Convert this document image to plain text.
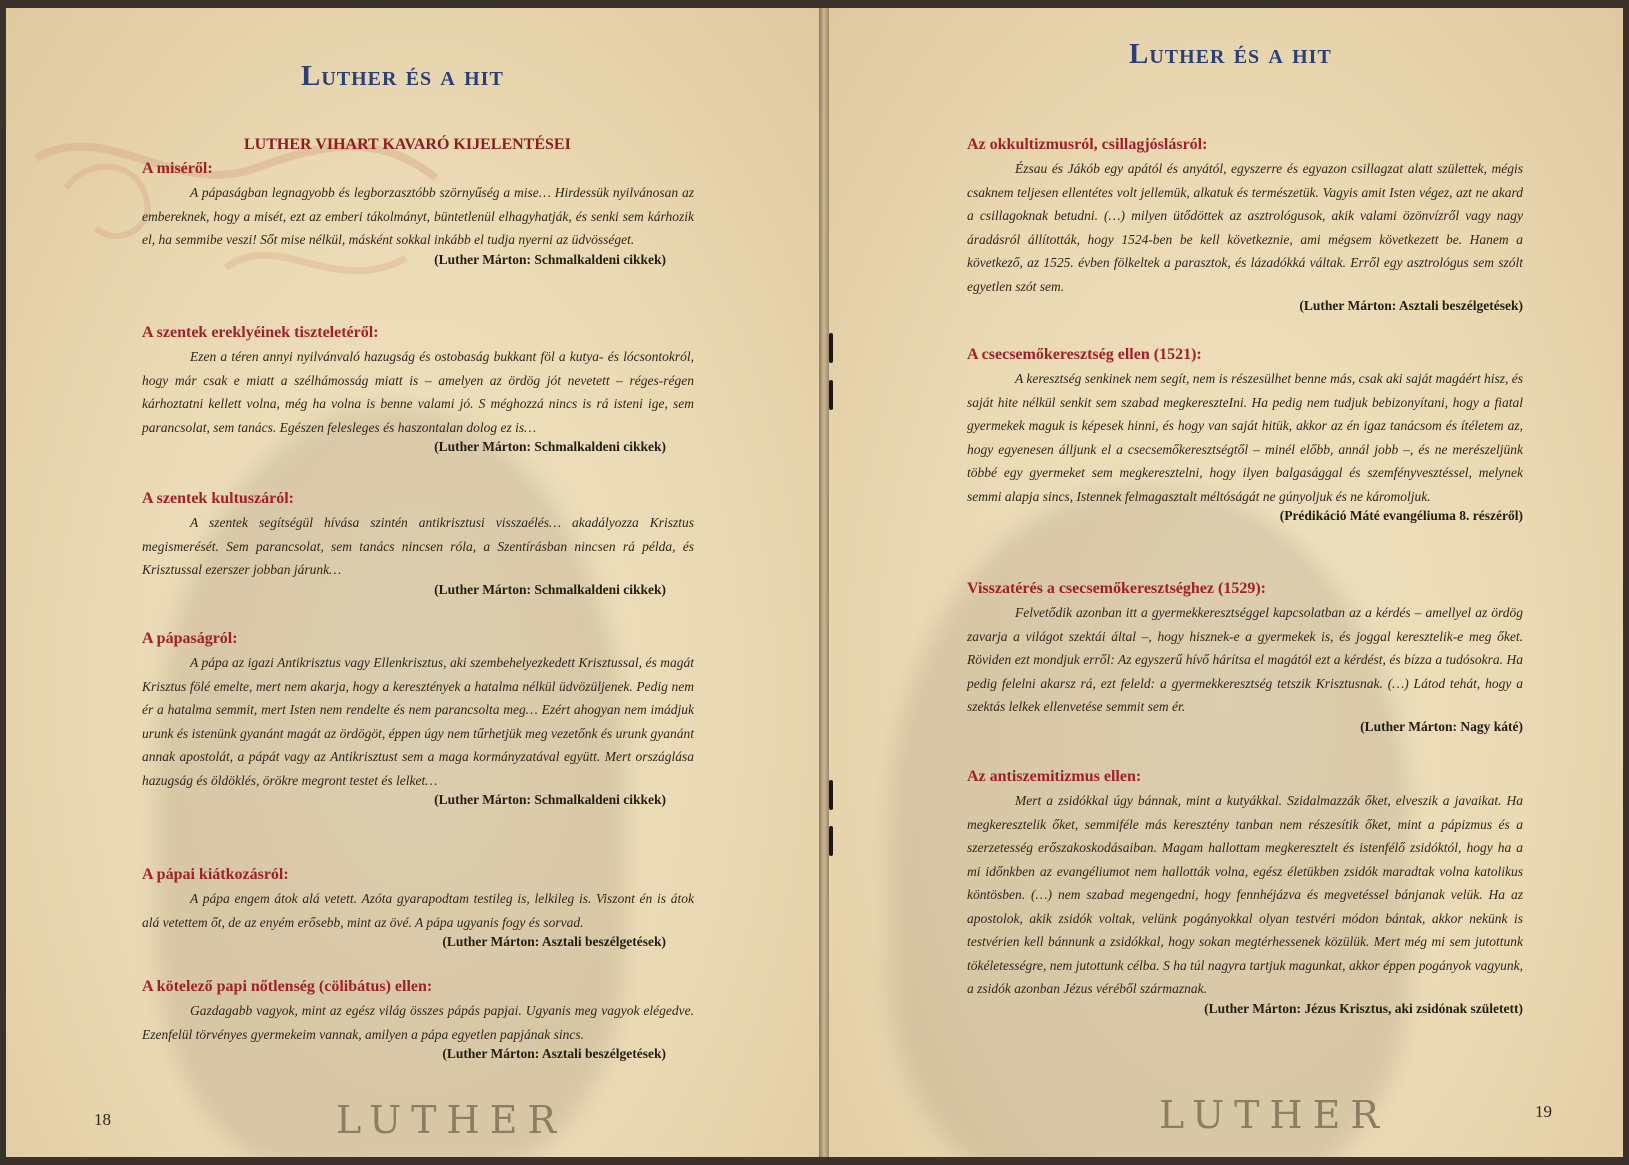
Luther és a hit
LUTHER VIHART KAVARÓ KIJELENTÉSEI
A miséről:

A pápaságban legnagyobb és legborzasztóbb szörnyűség a mise… Hirdessük nyilvánosan az embereknek, hogy a misét, ezt az emberi tákolmányt, büntetlenül elhagyhatják, és senki sem kárhozik el, ha semmibe veszi! Sőt mise nélkül, másként sokkal inkább el tudja nyerni az üdvösséget.

(Luther Márton: Schmalkaldeni cikkek)

A szentek ereklyéinek tiszteletéről:

Ezen a téren annyi nyilvánvaló hazugság és ostobaság bukkant föl a kutya- és lócsontokról, hogy már csak e miatt a szélhámosság miatt is – amelyen az ördög jót nevetett – réges-régen kárhoztatni kellett volna, még ha volna is benne valami jó. S méghozzá nincs is rá isteni ige, sem parancsolat, sem tanács. Egészen felesleges és haszontalan dolog ez is…

(Luther Márton: Schmalkaldeni cikkek)

A szentek kultuszáról:

A szentek segítségül hívása szintén antikrisztusi visszaélés… akadályozza Krisztus megismerését. Sem parancsolat, sem tanács nincsen róla, a Szentírásban nincsen rá példa, és Krisztussal ezerszer jobban járunk…

(Luther Márton: Schmalkaldeni cikkek)

A pápaságról:

A pápa az igazi Antikrisztus vagy Ellenkrisztus, aki szembehelyezkedett Krisztussal, és magát Krisztus fölé emelte, mert nem akarja, hogy a keresztények a hatalma nélkül üdvözüljenek. Pedig nem ér a hatalma semmit, mert Isten nem rendelte és nem parancsolta meg… Ezért ahogyan nem imádjuk urunk és istenünk gyanánt magát az ördögöt, éppen úgy nem tűrhetjük meg vezetőnk és urunk gyanánt annak apostolát, a pápát vagy az Antikrisztust sem a maga kormányzatával együtt. Mert országlása hazugság és öldöklés, örökre megront testet és lelket…

(Luther Márton: Schmalkaldeni cikkek)

A pápai kiátkozásról:

A pápa engem átok alá vetett. Azóta gyarapodtam testileg is, lelkileg is. Viszont én is átok alá vetettem őt, de az enyém erősebb, mint az övé. A pápa ugyanis fogy és sorvad.

(Luther Márton: Asztali beszélgetések)

A kötelező papi nőtlenség (cölibátus) ellen:

Gazdagabb vagyok, mint az egész világ összes pápás papjai. Ugyanis meg vagyok elégedve. Ezenfelül törvényes gyermekeim vannak, amilyen a pápa egyetlen papjának sincs.

(Luther Márton: Asztali beszélgetések)

18	LUTHER
Luther és a hit
Az okkultizmusról, csillagjóslásról:

Ézsau és Jákób egy apától és anyától, egyszerre és egyazon csillagzat alatt születtek, mégis csaknem teljesen ellentétes volt jellemük, alkatuk és természetük. Vagyis amit Isten végez, azt ne akard a csillagoknak betudni. (…) milyen ütődöttek az asztrológusok, akik valami özönvízről vagy nagy áradásról állították, hogy 1524-ben be kell következnie, ami mégsem következett be. Hanem a következő, az 1525. évben fölkeltek a parasztok, és lázadókká váltak. Erről egy asztrológus sem szólt egyetlen szót sem.

(Luther Márton: Asztali beszélgetések)

A csecsemőkeresztség ellen (1521):

A keresztség senkinek nem segít, nem is részesülhet benne más, csak aki saját magáért hisz, és saját hite nélkül senkit sem szabad megkereszteIni. Ha pedig nem tudjuk bebizonyítani, hogy a fiatal gyermekek maguk is képesek hinni, és hogy van saját hitük, akkor az én igaz tanácsom és ítéletem az, hogy egyenesen álljunk el a csecsemőkeresztségtől – minél előbb, annál jobb –, és ne merészeljünk többé egy gyermeket sem megkeresztelni, hogy ilyen balgasággal és szemfényvesztéssel, melynek semmi alapja sincs, Istennek felmagasztalt méltóságát ne gúnyoljuk és ne káromoljuk.

(Prédikáció Máté evangéliuma 8. részéről)

Visszatérés a csecsemőkeresztséghez (1529):

Felvetődik azonban itt a gyermekkeresztséggel kapcsolatban az a kérdés – amellyel az ördög zavarja a világot szektái által –, hogy hisznek-e a gyermekek is, és joggal keresztelik-e meg őket. Röviden ezt mondjuk erről: Az egyszerű hívő hárítsa el magától ezt a kérdést, és bízza a tudósokra. Ha pedig felelni akarsz rá, ezt feleld: a gyermekkeresztség tetszik Krisztusnak. (…) Látod tehát, hogy a szektás lelkek ellenvetése semmit sem ér.

(Luther Márton: Nagy káté)

Az antiszemitizmus ellen:

Mert a zsidókkal úgy bánnak, mint a kutyákkal. Szidalmazzák őket, elveszik a javaikat. Ha megkeresztelik őket, semmiféle más keresztény tanban nem részesítik őket, mint a pápizmus és a szerzetesség erőszakoskodásaiban. Magam hallottam megkeresztelt és istenfélő zsidóktól, hogy ha a mi időnkben az evangéliumot nem hallották volna, egész életükben zsidók maradtak volna katolikus köntösben. (…) nem szabad megengedni, hogy fennhéjázva és megvetéssel bánjanak velük. Ha az apostolok, akik zsidók voltak, velünk pogányokkal olyan testvéri módon bántak, akkor nekünk is testvérien kell bánnunk a zsidókkal, hogy sokan megtérhessenek közülük. Mert még mi sem jutottunk tökéletességre, nem jutottunk célba. S ha túl nagyra tartjuk magunkat, akkor éppen pogányok vagyunk, a zsidók azonban Jézus véréből származnak.

(Luther Márton: Jézus Krisztus, aki zsidónak született)

LUTHER	19
